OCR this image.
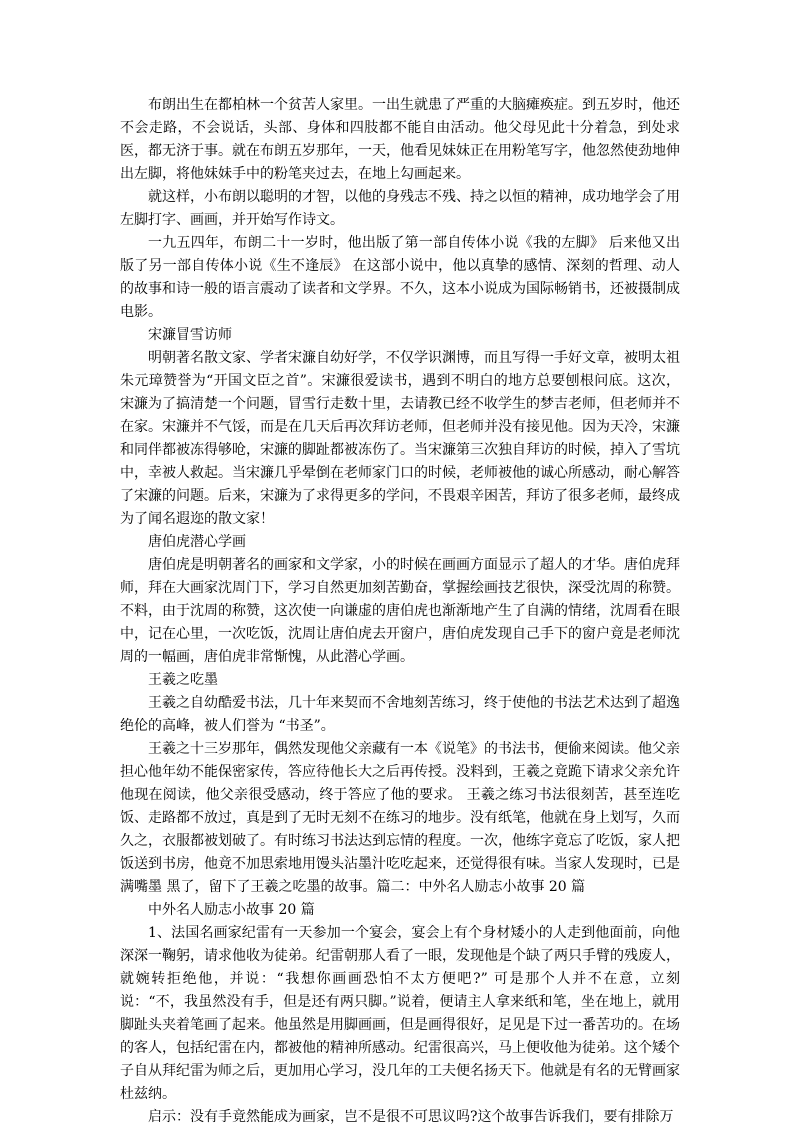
布朗出生在都柏林一个贫苦人家里。一出生就患了严重的大脑瘫痪症。到五岁时，他还不会走路，不会说话，头部、身体和四肢都不能自由活动。他父母见此十分着急，到处求医，都无济于事。就在布朗五岁那年，一天，他看见妹妹正在用粉笔写字，他忽然使劲地伸出左脚，将他妹妹手中的粉笔夹过去，在地上勾画起来。

就这样，小布朗以聪明的才智，以他的身残志不残、持之以恒的精神，成功地学会了用左脚打字、画画，并开始写作诗文。

一九五四年，布朗二十一岁时，他出版了第一部自传体小说《我的左脚》 后来他又出版了另一部自传体小说《生不逢辰》 在这部小说中，他以真挚的感情、深刻的哲理、动人的故事和诗一般的语言震动了读者和文学界。不久，这本小说成为国际畅销书，还被摄制成电影。

宋濂冒雪访师

明朝著名散文家、学者宋濂自幼好学，不仅学识渊博，而且写得一手好文章，被明太祖朱元璋赞誉为“开国文臣之首”。宋濂很爱读书，遇到不明白的地方总要刨根问底。这次，宋濂为了搞清楚一个问题，冒雪行走数十里，去请教已经不收学生的梦吉老师，但老师并不在家。宋濂并不气馁，而是在几天后再次拜访老师，但老师并没有接见他。因为天冷，宋濂和同伴都被冻得够呛，宋濂的脚趾都被冻伤了。当宋濂第三次独自拜访的时候，掉入了雪坑中，幸被人救起。当宋濂几乎晕倒在老师家门口的时候，老师被他的诚心所感动，耐心解答了宋濂的问题。后来，宋濂为了求得更多的学问，不畏艰辛困苦，拜访了很多老师，最终成为了闻名遐迩的散文家！

唐伯虎潜心学画

唐伯虎是明朝著名的画家和文学家，小的时候在画画方面显示了超人的才华。唐伯虎拜师，拜在大画家沈周门下，学习自然更加刻苦勤奋，掌握绘画技艺很快，深受沈周的称赞。不料，由于沈周的称赞，这次使一向谦虚的唐伯虎也渐渐地产生了自满的情绪，沈周看在眼中，记在心里，一次吃饭，沈周让唐伯虎去开窗户，唐伯虎发现自己手下的窗户竟是老师沈周的一幅画，唐伯虎非常惭愧，从此潜心学画。

王羲之吃墨

王羲之自幼酷爱书法，几十年来契而不舍地刻苦练习，终于使他的书法艺术达到了超逸绝伦的高峰，被人们誉为 “书圣”。

王羲之十三岁那年，偶然发现他父亲藏有一本《说笔》的书法书，便偷来阅读。他父亲担心他年幼不能保密家传，答应待他长大之后再传授。没料到，王羲之竟跪下请求父亲允许他现在阅读，他父亲很受感动，终于答应了他的要求。 王羲之练习书法很刻苦，甚至连吃饭、走路都不放过，真是到了无时无刻不在练习的地步。没有纸笔，他就在身上划写，久而久之，衣服都被划破了。有时练习书法达到忘情的程度。一次，他练字竟忘了吃饭，家人把饭送到书房，他竟不加思索地用馒头沾墨汁吃吃起来，还觉得很有味。当家人发现时，已是满嘴墨 黑了，留下了王羲之吃墨的故事。篇二：中外名人励志小故事 20 篇

中外名人励志小故事 20 篇

1、法国名画家纪雷有一天参加一个宴会，宴会上有个身材矮小的人走到他面前，向他深深一鞠躬，请求他收为徒弟。纪雷朝那人看了一眼，发现他是个缺了两只手臂的残废人，就婉转拒绝他，并说：“我想你画画恐怕不太方便吧?” 可是那个人并不在意，立刻说：“不，我虽然没有手，但是还有两只脚。”说着，便请主人拿来纸和笔，坐在地上，就用脚趾头夹着笔画了起来。他虽然是用脚画画，但是画得很好，足见是下过一番苦功的。在场的客人，包括纪雷在内，都被他的精神所感动。纪雷很高兴，马上便收他为徒弟。这个矮个子自从拜纪雷为师之后，更加用心学习，没几年的工夫便名扬天下。他就是有名的无臂画家杜兹纳。

启示：没有手竟然能成为画家，岂不是很不可思议吗?这个故事告诉我们，要有排除万
